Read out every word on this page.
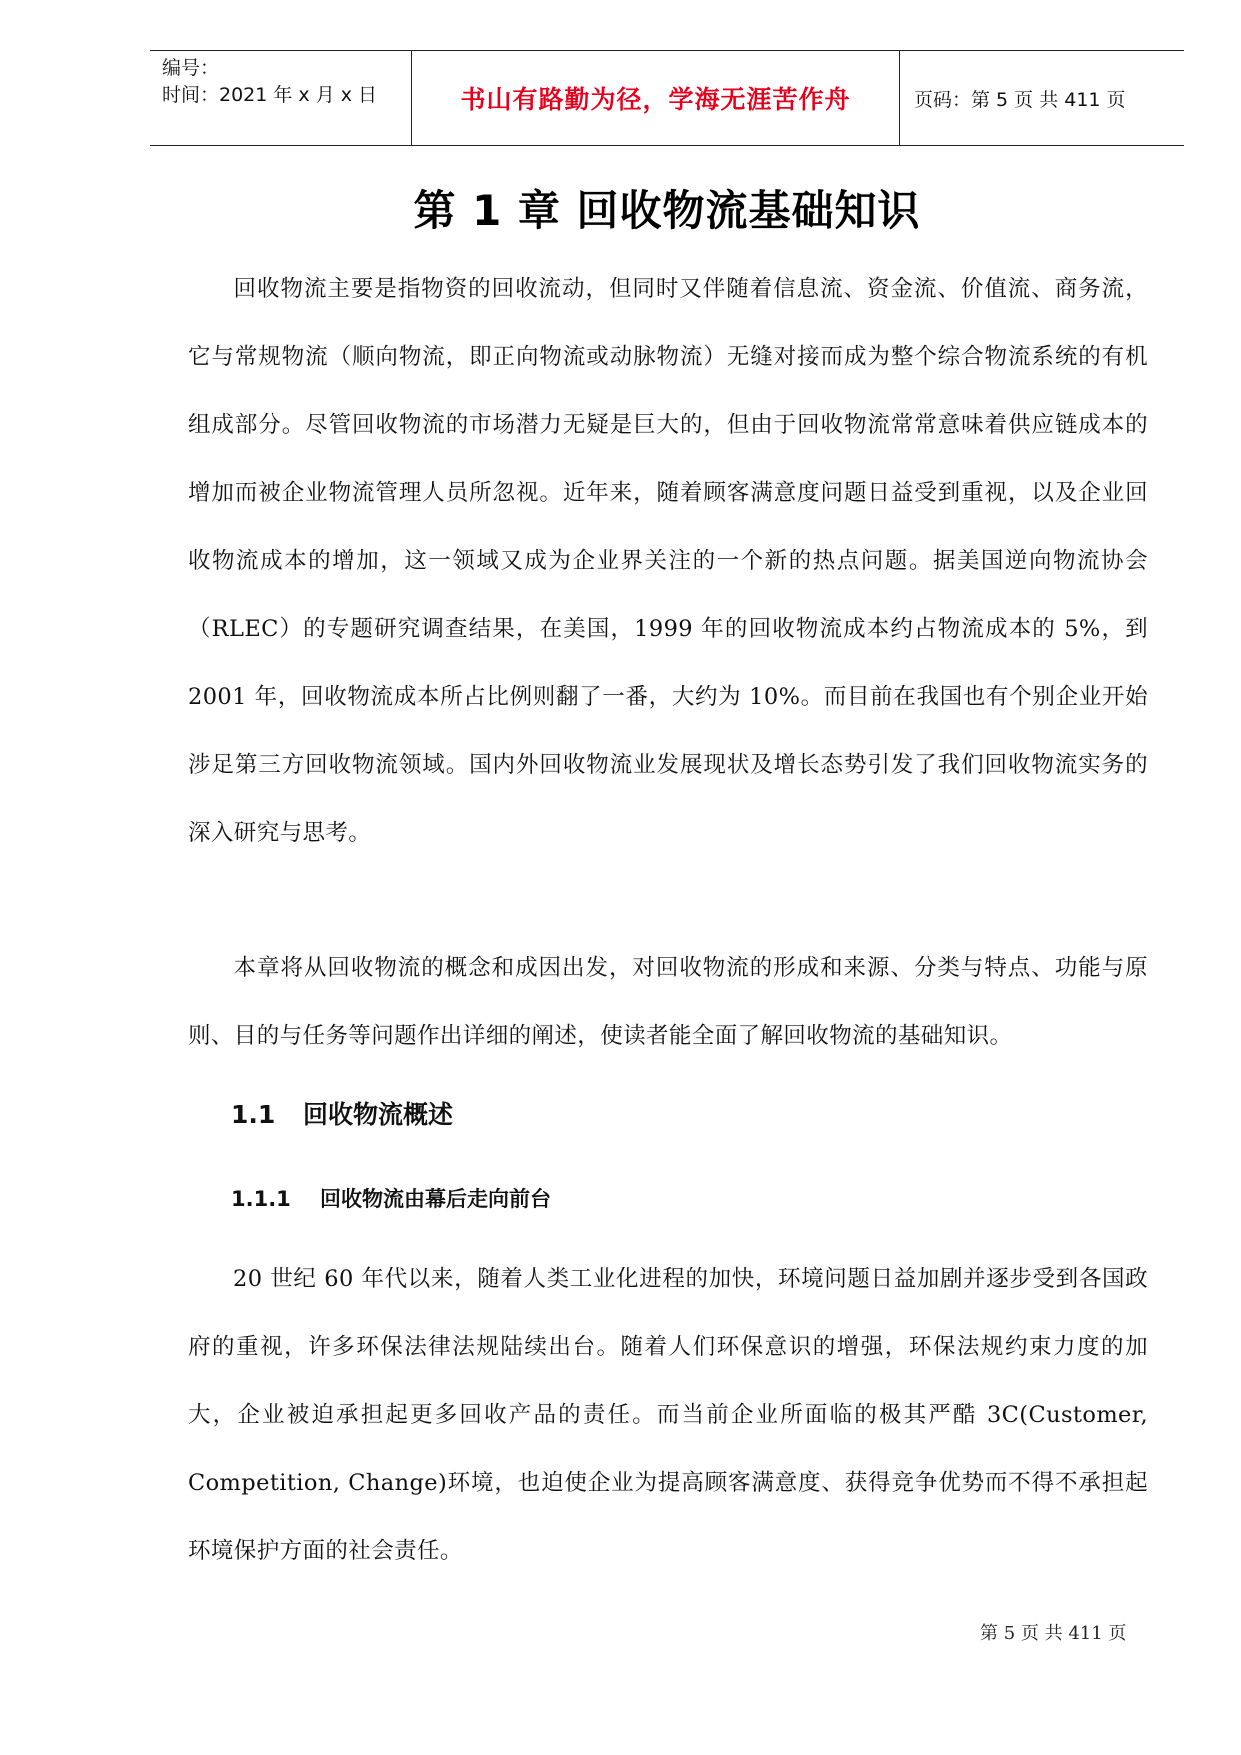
编号：
时间：2021 年 x 月 x 日	书山有路勤为径，学海无涯苦作舟	页码：第 5 页 共 411 页
第 1 章 回收物流基础知识
回收物流主要是指物资的回收流动，但同时又伴随着信息流、资金流、价值流、商务流，它与常规物流（顺向物流，即正向物流或动脉物流）无缝对接而成为整个综合物流系统的有机组成部分。尽管回收物流的市场潜力无疑是巨大的，但由于回收物流常常意味着供应链成本的增加而被企业物流管理人员所忽视。近年来，随着顾客满意度问题日益受到重视，以及企业回收物流成本的增加，这一领域又成为企业界关注的一个新的热点问题。据美国逆向物流协会（RLEC）的专题研究调查结果，在美国，1999 年的回收物流成本约占物流成本的 5%，到 2001 年，回收物流成本所占比例则翻了一番，大约为 10%。而目前在我国也有个别企业开始涉足第三方回收物流领域。国内外回收物流业发展现状及增长态势引发了我们回收物流实务的深入研究与思考。
本章将从回收物流的概念和成因出发，对回收物流的形成和来源、分类与特点、功能与原则、目的与任务等问题作出详细的阐述，使读者能全面了解回收物流的基础知识。
1.1 回收物流概述
1.1.1 回收物流由幕后走向前台
20 世纪 60 年代以来，随着人类工业化进程的加快，环境问题日益加剧并逐步受到各国政府的重视，许多环保法律法规陆续出台。随着人们环保意识的增强，环保法规约束力度的加大，企业被迫承担起更多回收产品的责任。而当前企业所面临的极其严酷 3C(Customer, Competition, Change)环境，也迫使企业为提高顾客满意度、获得竞争优势而不得不承担起环境保护方面的社会责任。
第 5 页 共 411 页
